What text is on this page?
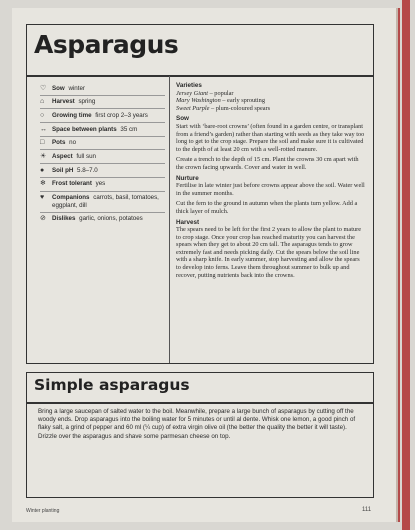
Asparagus
♡ Sow winter
⌂	Harvest spring
○	Growing time first crop 2–3 years
↔ Space between plants 35 cm
□	Pots no
☀ Aspect full sun
●	Soil pH 5.8–7.0
❄ Frost tolerant yes
♥	Companions carrots, basil, tomatoes, eggplant, dill
⊘ Dislikes garlic, onions, potatoes
Varieties

Jersey Giant – popular

Mary Washington – early sprouting

Sweet Purple – plum-coloured spears

Sow

Start with ‘bare-root crowns’ (often found in a garden centre, or transplant from a friend’s garden) rather than starting with seeds as they take way too long to get to the crop stage. Prepare the soil and make sure it is cultivated to the depth of at least 20 cm with a well-rotted manure.

Create a trench to the depth of 15 cm. Plant the crowns 30 cm apart with the crown facing upwards. Cover and water in well.

Nurture

Fertilise in late winter just before crowns appear above the soil. Water well in the summer months.

Cut the fern to the ground in autumn when the plants turn yellow. Add a thick layer of mulch.

Harvest

The spears need to be left for the first 2 years to allow the plant to mature to crop stage. Once your crop has reached maturity you can harvest the spears when they get to about 20 cm tall. The asparagus tends to grow extremely fast and needs picking daily. Cut the spears below the soil line with a sharp knife. In early summer, stop harvesting and allow the spears to develop into ferns. Leave them throughout summer to bulk up and recover, putting nutrients back into the crowns.

Simple asparagus
Bring a large saucepan of salted water to the boil. Meanwhile, prepare a large bunch of asparagus by cutting off the woody ends. Drop asparagus into the boiling water for 5 minutes or until al dente. Whisk one lemon, a good pinch of flaky salt, a grind of pepper and 60 ml (¼ cup) of extra virgin olive oil (the better the quality the better it will taste). Drizzle over the asparagus and shave some parmesan cheese on top.
Winter planting	111
